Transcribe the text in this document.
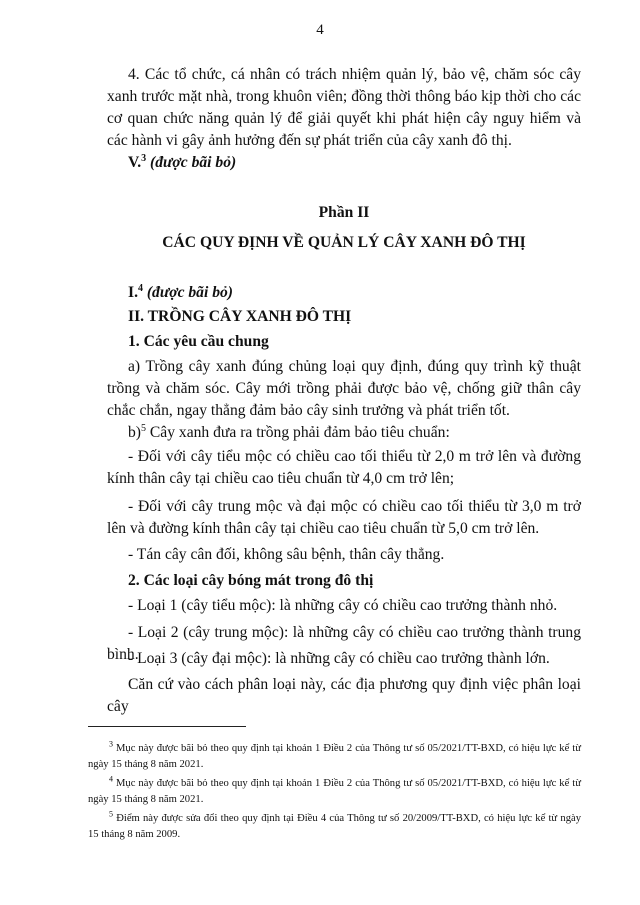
4

4. Các tổ chức, cá nhân có trách nhiệm quản lý, bảo vệ, chăm sóc cây xanh trước mặt nhà, trong khuôn viên; đồng thời thông báo kịp thời cho các cơ quan chức năng quản lý để giải quyết khi phát hiện cây nguy hiểm và các hành vi gây ảnh hưởng đến sự phát triển của cây xanh đô thị.

V.$^3$ (được bãi bỏ)

Phần II
CÁC QUY ĐỊNH VỀ QUẢN LÝ CÂY XANH ĐÔ THỊ

I.$^4$ (được bãi bỏ)

II. TRỒNG CÂY XANH ĐÔ THỊ

1. Các yêu cầu chung

a) Trồng cây xanh đúng chủng loại quy định, đúng quy trình kỹ thuật trồng và chăm sóc. Cây mới trồng phải được bảo vệ, chống giữ thân cây chắc chắn, ngay thẳng đảm bảo cây sinh trưởng và phát triển tốt.

b)$^5$ Cây xanh đưa ra trồng phải đảm bảo tiêu chuẩn:

- Đối với cây tiểu mộc có chiều cao tối thiểu từ 2,0 m trở lên và đường kính thân cây tại chiều cao tiêu chuẩn từ 4,0 cm trở lên;

- Đối với cây trung mộc và đại mộc có chiều cao tối thiểu từ 3,0 m trở lên và đường kính thân cây tại chiều cao tiêu chuẩn từ 5,0 cm trở lên.

- Tán cây cân đối, không sâu bệnh, thân cây thẳng.

2. Các loại cây bóng mát trong đô thị

- Loại 1 (cây tiểu mộc): là những cây có chiều cao trưởng thành nhỏ.

- Loại 2 (cây trung mộc): là những cây có chiều cao trưởng thành trung bình.

- Loại 3 (cây đại mộc): là những cây có chiều cao trưởng thành lớn.

Căn cứ vào cách phân loại này, các địa phương quy định việc phân loại cây

$^3$ Mục này được bãi bỏ theo quy định tại khoản 1 Điều 2 của Thông tư số 05/2021/TT-BXD, có hiệu lực kể từ ngày 15 tháng 8 năm 2021.

$^4$ Mục này được bãi bỏ theo quy định tại khoản 1 Điều 2 của Thông tư số 05/2021/TT-BXD, có hiệu lực kể từ ngày 15 tháng 8 năm 2021.

$^5$ Điểm này được sửa đổi theo quy định tại Điều 4 của Thông tư số 20/2009/TT-BXD, có hiệu lực kể từ ngày 15 tháng 8 năm 2009.
